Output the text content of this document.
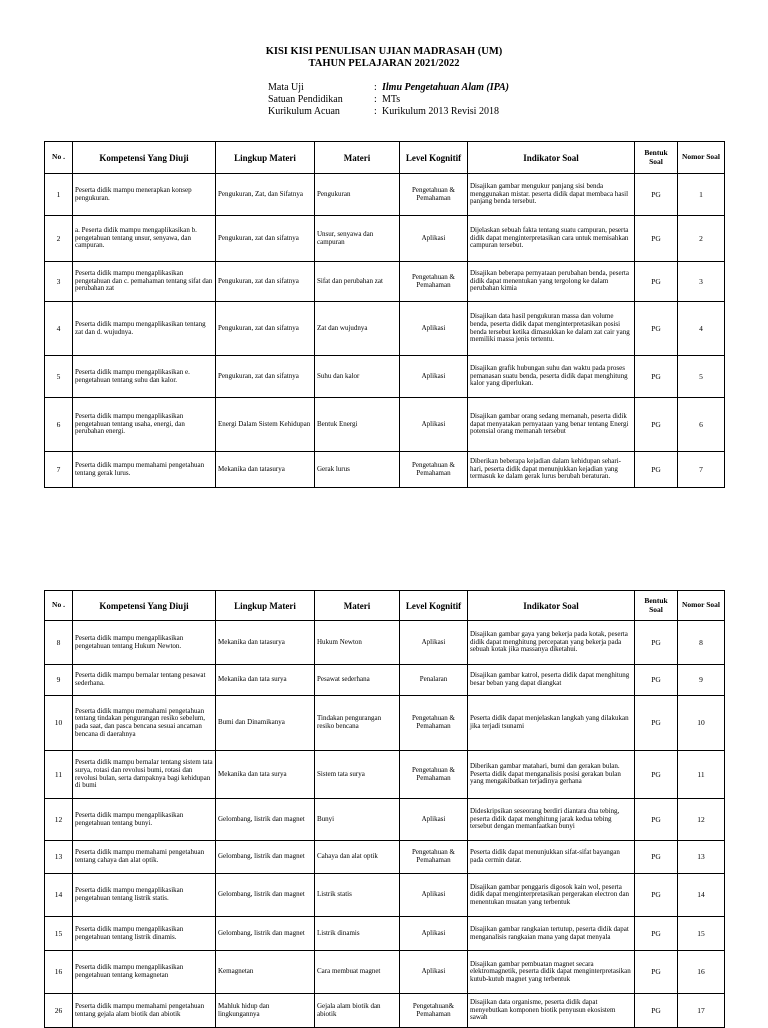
KISI KISI PENULISAN UJIAN MADRASAH (UM)
TAHUN PELAJARAN 2021/2022
Mata Uji	: Ilmu Pengetahuan Alam (IPA)
Satuan Pendidikan	: MTs
Kurikulum Acuan	: Kurikulum 2013 Revisi 2018
No .	Kompetensi Yang Diuji	Lingkup Materi	Materi	Level Kognitif	Indikator Soal	Bentuk Soal	Nomor Soal
1	Peserta didik mampu menerapkan konsep pengukuran.	Pengukuran, Zat, dan Sifatnya	Pengukuran	Pengetahuan & Pemahaman	Disajikan gambar mengukur panjang sisi benda menggunakan mistar. peserta didik dapat membaca hasil panjang benda tersebut.	PG	1
2	a. Peserta didik mampu mengaplikasikan b. pengetahuan tentang unsur, senyawa, dan campuran.	Pengukuran, zat dan sifatnya	Unsur, senyawa dan campuran	Aplikasi	Dijelaskan sebuah fakta tentang suatu campuran, peserta didik dapat menginterpretasikan cara untuk memisahkan campuran tersebut.	PG	2
3	Peserta didik mampu mengaplikasikan pengetahuan dan c. pemahaman tentang sifat dan perubahan zat	Pengukuran, zat dan sifatnya	Sifat dan perubahan zat	Pengetahuan & Pemahaman	Disajikan beberapa pernyataan perubahan benda, peserta didik dapat menentukan yang tergolong ke dalam perubahan kimia	PG	3
4	Peserta didik mampu mengaplikasikan tentang zat dan d. wujudnya.	Pengukuran, zat dan sifatnya	Zat dan wujudnya	Aplikasi	Disajikan data hasil pengukuran massa dan volume benda, peserta didik dapat menginterpretasikan posisi benda tersebut ketika dimasukkan ke dalam zat cair yang memiliki massa jenis tertentu.	PG	4
5	Peserta didik mampu mengaplikasikan e. pengetahuan tentang suhu dan kalor.	Pengukuran, zat dan sifatnya	Suhu dan kalor	Aplikasi	Disajikan grafik hubungan suhu dan waktu pada proses pemanasan suatu benda, peserta didik dapat menghitung kalor yang diperlukan.	PG	5
6	Peserta didik mampu mengaplikasikan pengetahuan tentang usaha, energi, dan perubahan energi.	Energi Dalam Sistem Kehidupan	Bentuk Energi	Aplikasi	Disajikan gambar orang sedang memanah, peserta didik dapat menyatakan pernyataan yang benar tentang Energi potensial orang memanah tersebut	PG	6
7	Peserta didik mampu memahami pengetahuan tentang gerak lurus.	Mekanika dan tatasurya	Gerak lurus	Pengetahuan & Pemahaman	Diberikan beberapa kejadian dalam kehidupan sehari-hari, peserta didik dapat menunjukkan kejadian yang termasuk ke dalam gerak lurus berubah beraturan.	PG	7
No .	Kompetensi Yang Diuji	Lingkup Materi	Materi	Level Kognitif	Indikator Soal	Bentuk Soal	Nomor Soal
8	Peserta didik mampu mengaplikasikan pengetahuan tentang Hukum Newton.	Mekanika dan tatasurya	Hukum Newton	Aplikasi	Disajikan gambar gaya yang bekerja pada kotak, peserta didik dapat menghitung percepatan yang bekerja pada sebuah kotak jika massanya diketahui.	PG	8
9	Peserta didik mampu bernalar tentang pesawat sederhana.	Mekanika dan tata surya	Pesawat sederhana	Penalaran	Disajikan gambar katrol, peserta didik dapat menghitung besar beban yang dapat diangkat	PG	9
10	Peserta didik mampu memahami pengetahuan tentang tindakan pengurangan resiko sebelum, pada saat, dan pasca bencana sesuai ancaman bencana di daerahnya	Bumi dan Dinamikanya	Tindakan pengurangan resiko bencana	Pengetahuan & Pemahaman	Peserta didik dapat menjelaskan langkah yang dilakukan jika terjadi tsunami	PG	10
11	Peserta didik mampu bernalar tentang sistem tata surya, rotasi dan revolusi bumi, rotasi dan revolusi bulan, serta dampaknya bagi kehidupan di bumi	Mekanika dan tata surya	Sistem tata surya	Pengetahuan & Pemahaman	Diberikan gambar matahari, bumi dan gerakan bulan. Peserta didik dapat menganalisis posisi gerakan bulan yang mengakibatkan terjadinya gerhana	PG	11
12	Peserta didik mampu mengaplikasikan pengetahuan tentang bunyi.	Gelombang, listrik dan magnet	Bunyi	Aplikasi	Dideskripsikan seseorang berdiri diantara dua tebing, peserta didik dapat menghitung jarak kedua tebing tersebut dengan memanfaatkan bunyi	PG	12
13	Peserta didik mampu memahami pengetahuan tentang cahaya dan alat optik.	Gelombang, listrik dan magnet	Cahaya dan alat optik	Pengetahuan & Pemahaman	Peserta didik dapat menunjukkan sifat-sifat bayangan pada cermin datar.	PG	13
14	Peserta didik mampu mengaplikasikan pengetahuan tentang listrik statis.	Gelombang, listrik dan magnet	Listrik statis	Aplikasi	Disajikan gambar penggaris digosok kain wol, peserta didik dapat menginterpretasikan pergerakan electron dan menentukan muatan yang terbentuk	PG	14
15	Peserta didik mampu mengaplikasikan pengetahuan tentang listrik dinamis.	Gelombang, listrik dan magnet	Listrik dinamis	Aplikasi	Disajikan gambar rangkaian tertutup, peserta didik dapat menganalisis rangkaian mana yang dapat menyala	PG	15
16	Peserta didik mampu mengaplikasikan pengetahuan tentang kemagnetan	Kemagnetan	Cara membuat magnet	Aplikasi	Disajikan gambar pembuatan magnet secara elektromagnetik, peserta didik dapat menginterpretasikan kutub-kutub magnet yang terbentuk	PG	16
26	Peserta didik mampu memahami pengetahuan tentang gejala alam biotik dan abiotik	Mahluk hidup dan lingkungannya	Gejala alam biotik dan abiotik	Pengetahuan& Pemahaman	Disajikan data organisme, peserta didik dapat menyebutkan komponen biotik penyusun ekosistem sawah	PG	17
